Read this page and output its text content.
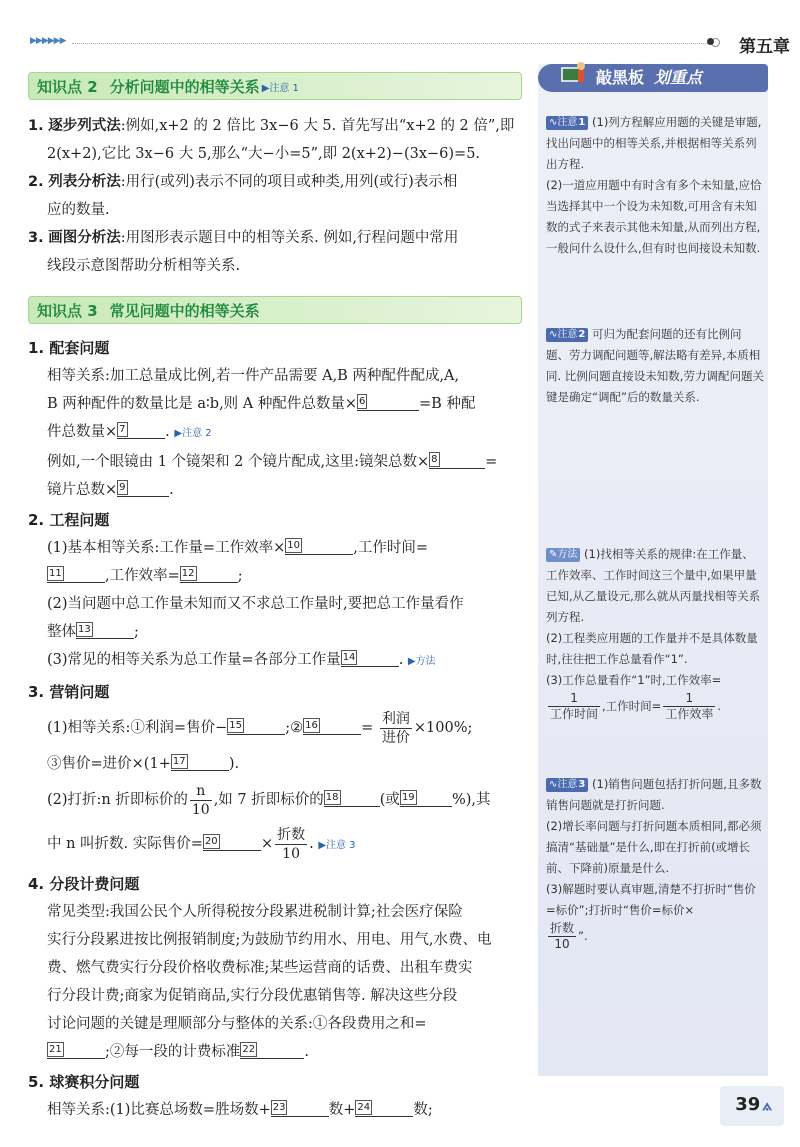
▶▶▶▶▶▶	第五章
知识点 2 分析问题中的相等关系 ▶注意 1
1. 逐步列式法:例如,x+2 的 2 倍比 3x−6 大 5. 首先写出“x+2 的 2 倍”,即
2(x+2),它比 3x−6 大 5,那么“大−小=5”,即 2(x+2)−(3x−6)=5.
2. 列表分析法:用行(或列)表示不同的项目或种类,用列(或行)表示相
应的数量.
3. 画图分析法:用图形表示题目中的相等关系. 例如,行程问题中常用
线段示意图帮助分析相等关系.
知识点 3 常见问题中的相等关系
1. 配套问题
相等关系:加工总量成比例,若一件产品需要 A,B 两种配件配成,A,
B 两种配件的数量比是 a∶b,则 A 种配件总数量× 6	=B 种配
件总数量× 7	. ▶注意 2
例如,一个眼镜由 1 个镜架和 2 个镜片配成,这里:镜架总数× 8	=
镜片总数× 9	.
2. 工程问题
(1)基本相等关系:工作量=工作效率× 10	,工作时间=
11	,工作效率= 12	;
(2)当问题中总工作量未知而又不求总工作量时,要把总工作量看作
整体 13	;
(3)常见的相等关系为总工作量=各部分工作量 14	. ▶方法
3. 营销问题
(1)相等关系:①利润=售价− 15	;② 16	= $\frac{\text{利润}}{\text{进价}} \times 100\%$;
③售价=进价×(1+ 17	).
(2)打折:n 折即标价的 $\frac{n}{10}$ ,如 7 折即标价的 18	(或 19	%),其
中 n 叫折数. 实际售价= 20	× $\frac{\text{折数}}{10}$ . ▶注意 3
4. 分段计费问题
常见类型:我国公民个人所得税按分段累进税制计算;社会医疗保险
实行分段累进按比例报销制度;为鼓励节约用水、用电、用气,水费、电
费、燃气费实行分段价格收费标准;某些运营商的话费、出租车费实
行分段计费;商家为促销商品,实行分段优惠销售等. 解决这些分段
讨论问题的关键是理顺部分与整体的关系:①各段费用之和=
21	;②每一段的计费标准 22	.
5. 球赛积分问题
相等关系:(1)比赛总场数=胜场数+ 23	数+ 24	数;
敲黑板 划重点
∿注意1 (1)列方程解应用题的关键是审题,找出问题中的相等关系,并根据相等关系列出方程.
(2)一道应用题中有时含有多个未知量,应恰当选择其中一个设为未知数,可用含有未知数的式子来表示其他未知量,从而列出方程,一般问什么设什么,但有时也间接设未知数.
∿注意2 可归为配套问题的还有比例问题、劳力调配问题等,解法略有差异,本质相同. 比例问题直接设未知数,劳力调配问题关键是确定“调配”后的数量关系.
✎方法 (1)找相等关系的规律:在工作量、工作效率、工作时间这三个量中,如果甲量已知,从乙量设元,那么就从丙量找相等关系列方程.
(2)工程类应用题的工作量并不是具体数量时,往往把工作总量看作“1”.
(3)工作总量看作“1”时,工作效率=

$\frac{1}{\text{工作时间}}$ ,工作时间= $\frac{1}{\text{工作效率}}$ .
∿注意3 (1)销售问题包括打折问题,且多数销售问题就是打折问题.
(2)增长率问题与打折问题本质相同,都必须搞清“基础量”是什么,即在打折前(或增长前、下降前)原量是什么.
(3)解题时要认真审题,清楚不打折时“售价=标价”;打折时“售价=标价×

$\frac{\text{折数}}{10}$ ”.
39 ⟑
